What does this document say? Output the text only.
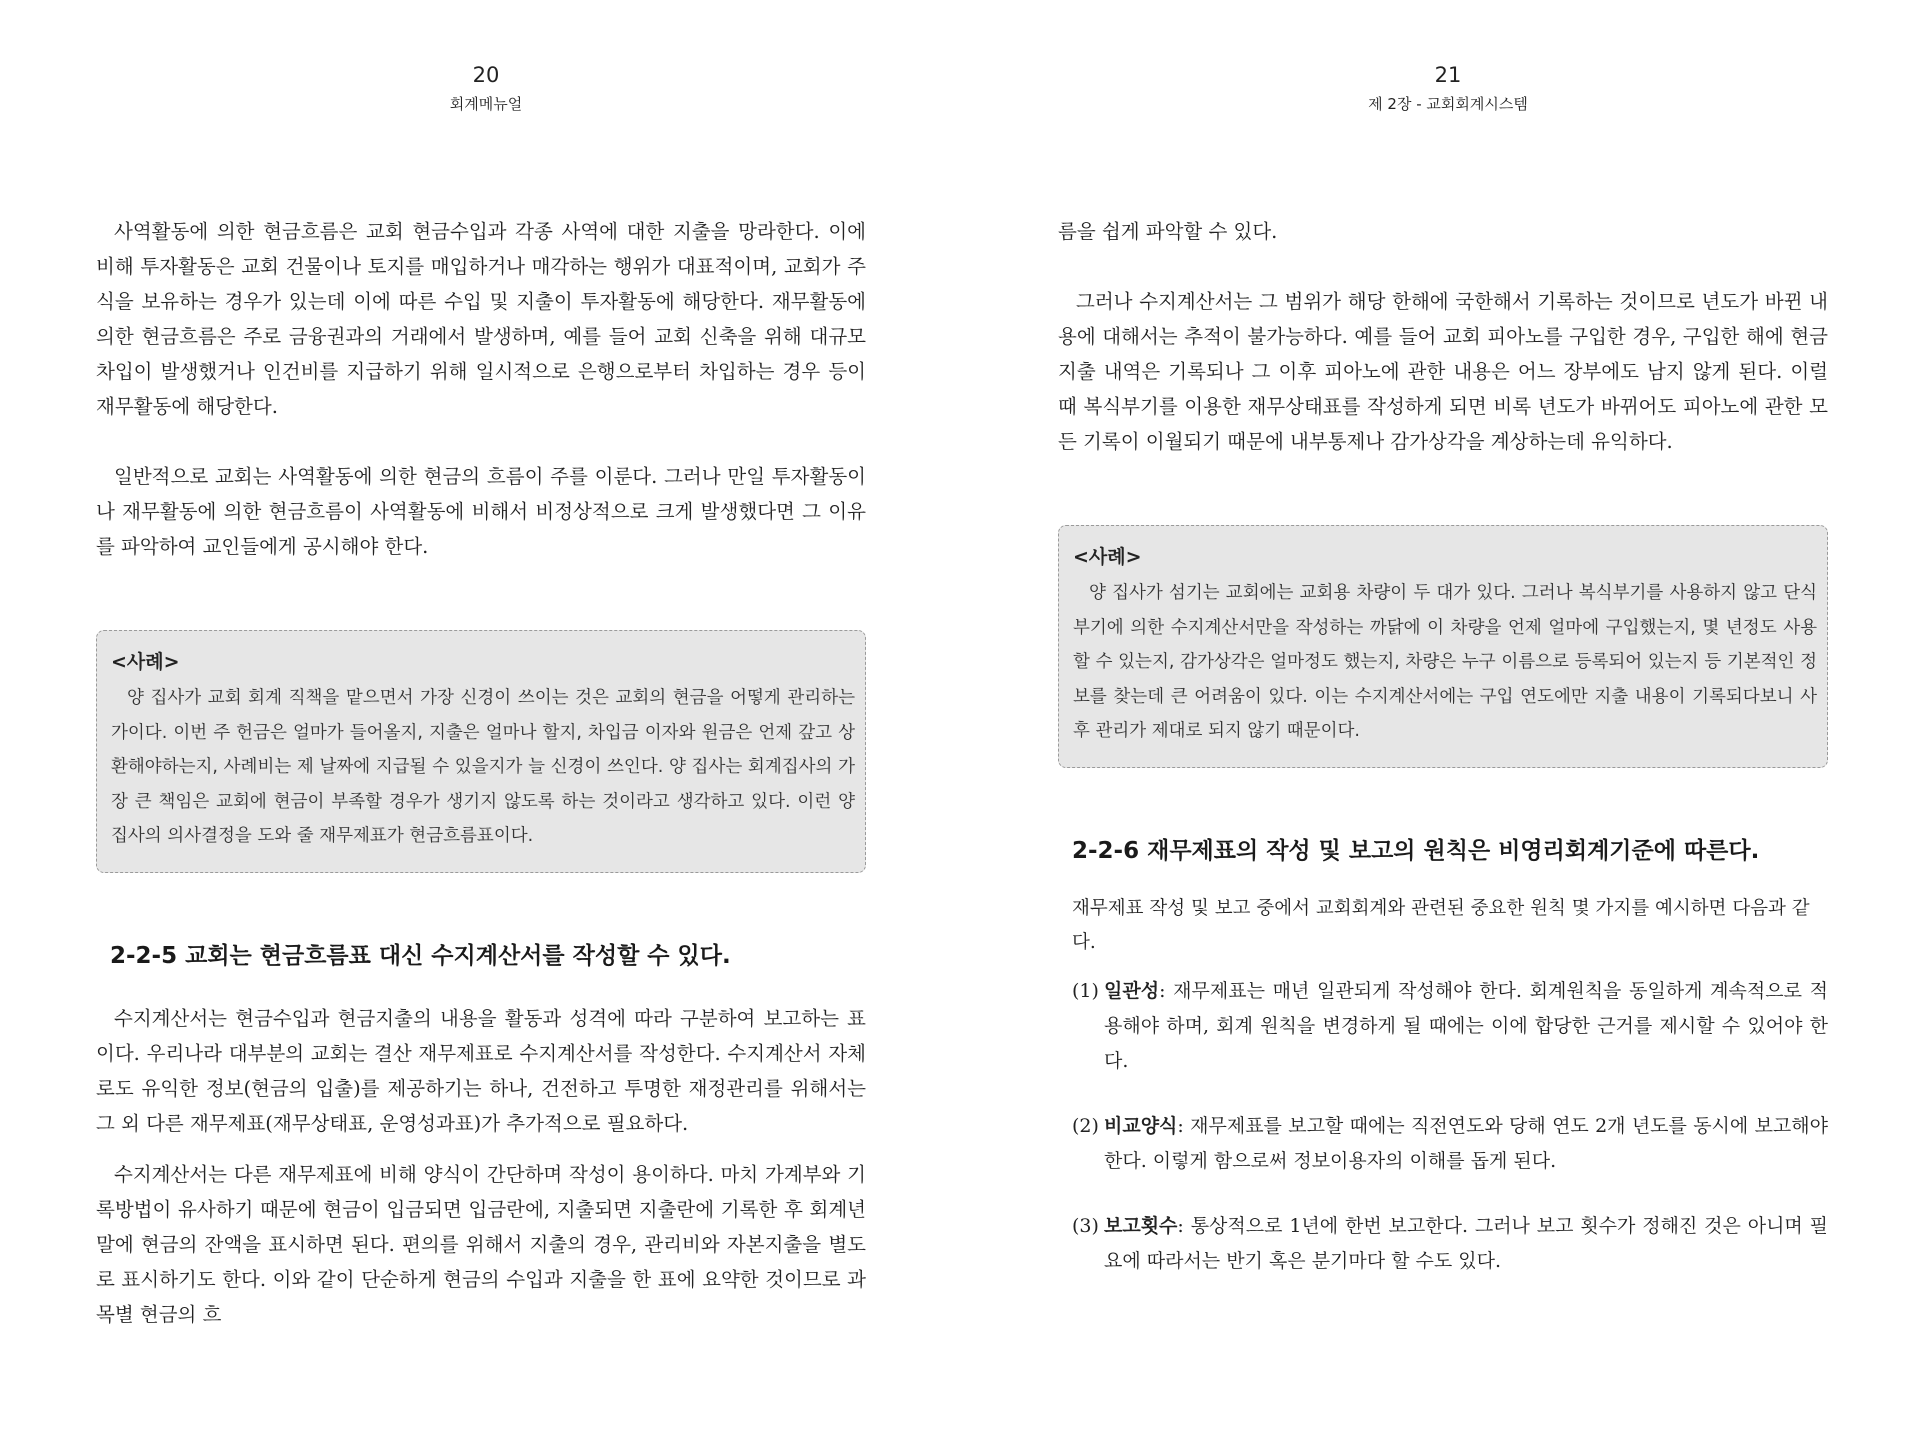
20
회계메뉴얼

사역활동에 의한 현금흐름은 교회 현금수입과 각종 사역에 대한 지출을 망라한다. 이에 비해 투자활동은 교회 건물이나 토지를 매입하거나 매각하는 행위가 대표적이며, 교회가 주식을 보유하는 경우가 있는데 이에 따른 수입 및 지출이 투자활동에 해당한다. 재무활동에 의한 현금흐름은 주로 금융권과의 거래에서 발생하며, 예를 들어 교회 신축을 위해 대규모 차입이 발생했거나 인건비를 지급하기 위해 일시적으로 은행으로부터 차입하는 경우 등이 재무활동에 해당한다.

일반적으로 교회는 사역활동에 의한 현금의 흐름이 주를 이룬다. 그러나 만일 투자활동이나 재무활동에 의한 현금흐름이 사역활동에 비해서 비정상적으로 크게 발생했다면 그 이유를 파악하여 교인들에게 공시해야 한다.

<사례>

양 집사가 교회 회계 직책을 맡으면서 가장 신경이 쓰이는 것은 교회의 현금을 어떻게 관리하는가이다. 이번 주 헌금은 얼마가 들어올지, 지출은 얼마나 할지, 차입금 이자와 원금은 언제 갚고 상환해야하는지, 사례비는 제 날짜에 지급될 수 있을지가 늘 신경이 쓰인다. 양 집사는 회계집사의 가장 큰 책임은 교회에 현금이 부족할 경우가 생기지 않도록 하는 것이라고 생각하고 있다. 이런 양 집사의 의사결정을 도와 줄 재무제표가 현금흐름표이다.

2-2-5 교회는 현금흐름표 대신 수지계산서를 작성할 수 있다.

수지계산서는 현금수입과 현금지출의 내용을 활동과 성격에 따라 구분하여 보고하는 표이다. 우리나라 대부분의 교회는 결산 재무제표로 수지계산서를 작성한다. 수지계산서 자체로도 유익한 정보(현금의 입출)를 제공하기는 하나, 건전하고 투명한 재정관리를 위해서는 그 외 다른 재무제표(재무상태표, 운영성과표)가 추가적으로 필요하다.

수지계산서는 다른 재무제표에 비해 양식이 간단하며 작성이 용이하다. 마치 가계부와 기록방법이 유사하기 때문에 현금이 입금되면 입금란에, 지출되면 지출란에 기록한 후 회계년말에 현금의 잔액을 표시하면 된다. 편의를 위해서 지출의 경우, 관리비와 자본지출을 별도로 표시하기도 한다. 이와 같이 단순하게 현금의 수입과 지출을 한 표에 요약한 것이므로 과목별 현금의 흐

21
제 2장 - 교회회계시스템

름을 쉽게 파악할 수 있다.

그러나 수지계산서는 그 범위가 해당 한해에 국한해서 기록하는 것이므로 년도가 바뀐 내용에 대해서는 추적이 불가능하다. 예를 들어 교회 피아노를 구입한 경우, 구입한 해에 현금지출 내역은 기록되나 그 이후 피아노에 관한 내용은 어느 장부에도 남지 않게 된다. 이럴 때 복식부기를 이용한 재무상태표를 작성하게 되면 비록 년도가 바뀌어도 피아노에 관한 모든 기록이 이월되기 때문에 내부통제나 감가상각을 계상하는데 유익하다.

<사례>

양 집사가 섬기는 교회에는 교회용 차량이 두 대가 있다. 그러나 복식부기를 사용하지 않고 단식부기에 의한 수지계산서만을 작성하는 까닭에 이 차량을 언제 얼마에 구입했는지, 몇 년정도 사용할 수 있는지, 감가상각은 얼마정도 했는지, 차량은 누구 이름으로 등록되어 있는지 등 기본적인 정보를 찾는데 큰 어려움이 있다. 이는 수지계산서에는 구입 연도에만 지출 내용이 기록되다보니 사후 관리가 제대로 되지 않기 때문이다.

2-2-6 재무제표의 작성 및 보고의 원칙은 비영리회계기준에 따른다.

재무제표 작성 및 보고 중에서 교회회계와 관련된 중요한 원칙 몇 가지를 예시하면 다음과 같다.

(1) 일관성: 재무제표는 매년 일관되게 작성해야 한다. 회계원칙을 동일하게 계속적으로 적용해야 하며, 회계 원칙을 변경하게 될 때에는 이에 합당한 근거를 제시할 수 있어야 한다.
(2) 비교양식: 재무제표를 보고할 때에는 직전연도와 당해 연도 2개 년도를 동시에 보고해야 한다. 이렇게 함으로써 정보이용자의 이해를 돕게 된다.
(3) 보고횟수: 통상적으로 1년에 한번 보고한다. 그러나 보고 횟수가 정해진 것은 아니며 필요에 따라서는 반기 혹은 분기마다 할 수도 있다.
